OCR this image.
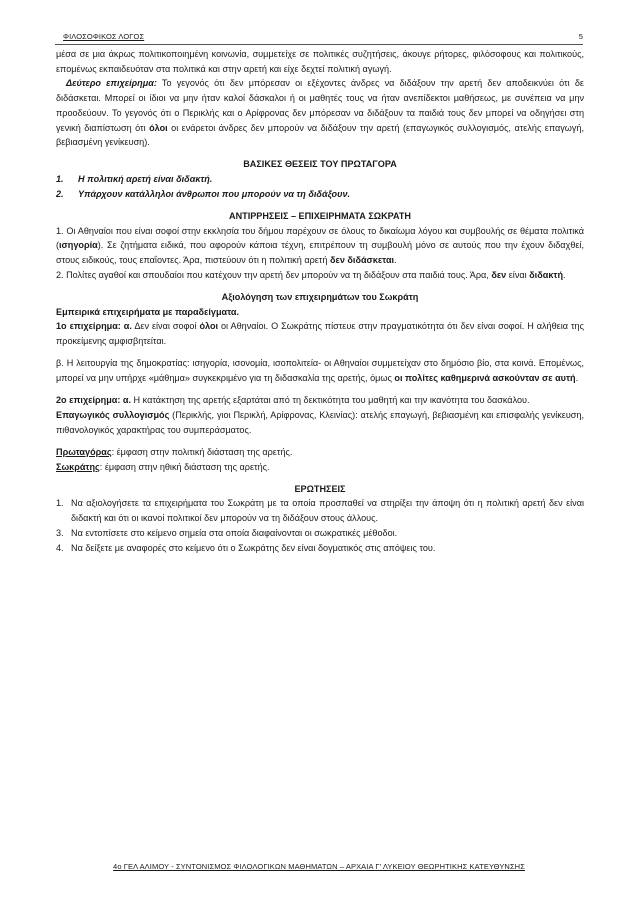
ΦΙΛΟΣΟΦΙΚΟΣ ΛΟΓΟΣ	5

μέσα σε μια άκρως πολιτικοποιημένη κοινωνία, συμμετείχε σε πολιτικές συζητήσεις, άκουγε ρήτορες, φιλόσοφους και πολιτικούς, επομένως εκπαιδευόταν στα πολιτικά και στην αρετή και είχε δεχτεί πολιτική αγωγή.

Δεύτερο επιχείρημα: Το γεγονός ότι δεν μπόρεσαν οι εξέχοντες άνδρες να διδάξουν την αρετή δεν αποδεικνύει ότι δε διδάσκεται. Μπορεί οι ίδιοι να μην ήταν καλοί δάσκαλοι ή οι μαθητές τους να ήταν ανεπίδεκτοι μαθήσεως, με συνέπεια να μην προοδεύουν. Το γεγονός ότι ο Περικλής και ο Αρίφρονας δεν μπόρεσαν να διδάξουν τα παιδιά τους δεν μπορεί να οδηγήσει στη γενική διαπίστωση ότι όλοι οι ενάρετοι άνδρες δεν μπορούν να διδάξουν την αρετή (επαγωγικός συλλογισμός, ατελής επαγωγή, βεβιασμένη γενίκευση).

ΒΑΣΙΚΕΣ ΘΕΣΕΙΣ ΤΟΥ ΠΡΩΤΑΓΟΡΑ

1.	Η πολιτική αρετή είναι διδακτή.
2.	Υπάρχουν κατάλληλοι άνθρωποι που μπορούν να τη διδάξουν.

ΑΝΤΙΡΡΗΣΕΙΣ – ΕΠΙΧΕΙΡΗΜΑΤΑ ΣΩΚΡΑΤΗ

1. Οι Αθηναίοι που είναι σοφοί στην εκκλησία του δήμου παρέχουν σε όλους το δικαίωμα λόγου και συμβουλής σε θέματα πολιτικά (ισηγορία). Σε ζητήματα ειδικά, που αφορούν κάποια τέχνη, επιτρέπουν τη συμβουλή μόνο σε αυτούς που την έχουν διδαχθεί, στους ειδικούς, τους επαΐοντες. Άρα, πιστεύουν ότι η πολιτική αρετή δεν διδάσκεται.

2. Πολίτες αγαθοί και σπουδαίοι που κατέχουν την αρετή δεν μπορούν να τη διδάξουν στα παιδιά τους. Άρα, δεν είναι διδακτή.

Αξιολόγηση των επιχειρημάτων του Σωκράτη

Εμπειρικά επιχειρήματα με παραδείγματα.

1ο επιχείρημα: α. Δεν είναι σοφοί όλοι οι Αθηναίοι. Ο Σωκράτης πίστευε στην πραγματικότητα ότι δεν είναι σοφοί. Η αλήθεια της προκείμενης αμφισβητείται.

β. Η λειτουργία της δημοκρατίας: ισηγορία, ισονομία, ισοπολιτεία- οι Αθηναίοι συμμετείχαν στο δημόσιο βίο, στα κοινά. Επομένως, μπορεί να μην υπήρχε «μάθημα» συγκεκριμένο για τη διδασκαλία της αρετής, όμως οι πολίτες καθημερινά ασκούνταν σε αυτή.

2ο επιχείρημα: α. Η κατάκτηση της αρετής εξαρτάται από τη δεκτικότητα του μαθητή και την ικανότητα του δασκάλου.

Επαγωγικός συλλογισμός (Περικλής, γιοι Περικλή, Αρίφρονας, Κλεινίας): ατελής επαγωγή, βεβιασμένη και επισφαλής γενίκευση, πιθανολογικός χαρακτήρας του συμπεράσματος.

Πρωταγόρας: έμφαση στην πολιτική διάσταση της αρετής.

Σωκράτης: έμφαση στην ηθική διάσταση της αρετής.

ΕΡΩΤΗΣΕΙΣ

1. Να αξιολογήσετε τα επιχειρήματα του Σωκράτη με τα οποία προσπαθεί να στηρίξει την άποψη ότι η πολιτική αρετή δεν είναι διδακτή και ότι οι ικανοί πολιτικοί δεν μπορούν να τη διδάξουν στους άλλους.
3. Να εντοπίσετε στο κείμενο σημεία στα οποία διαφαίνονται οι σωκρατικές μέθοδοι.
4. Να δείξετε με αναφορές στο κείμενο ότι ο Σωκράτης δεν είναι δογματικός στις απόψεις του.
4ο ΓΕΛ ΑΛΙΜΟΥ - ΣΥΝΤΟΝΙΣΜΟΣ ΦΙΛΟΛΟΓΙΚΩΝ ΜΑΘΗΜΑΤΩΝ – ΑΡΧΑΙΑ Γ' ΛΥΚΕΙΟΥ ΘΕΩΡΗΤΙΚΗΣ ΚΑΤΕΥΘΥΝΣΗΣ
